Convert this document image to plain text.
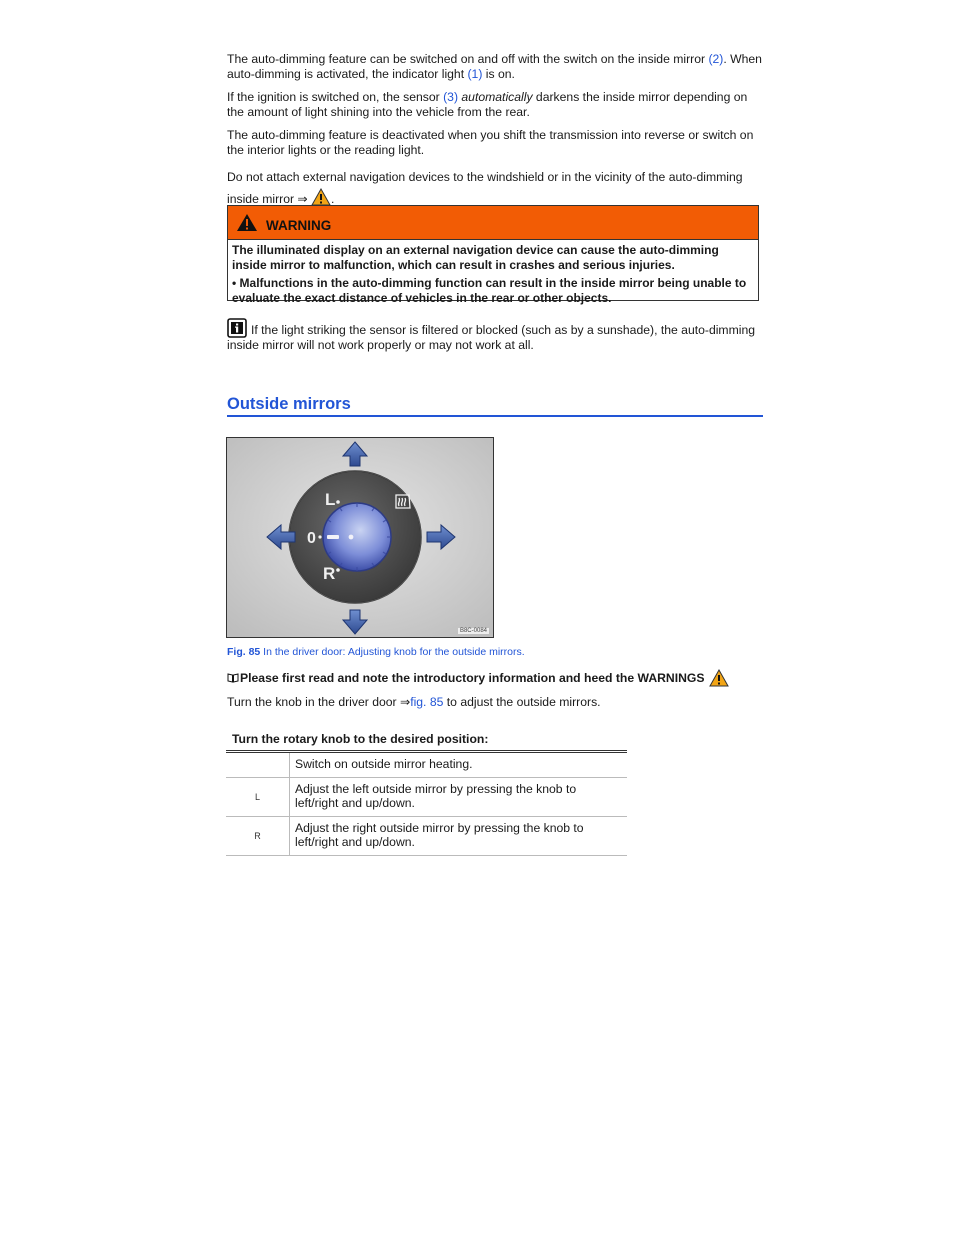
The auto-dimming feature can be switched on and off with the switch on the inside mirror (2). When auto-dimming is activated, the indicator light (1) is on.

If the ignition is switched on, the sensor (3) automatically darkens the inside mirror depending on the amount of light shining into the vehicle from the rear.

The auto-dimming feature is deactivated when you shift the transmission into reverse or switch on the interior lights or the reading light.

Do not attach external navigation devices to the windshield or in the vicinity of the auto-dimming inside mirror ⇒ .

WARNING

The illuminated display on an external navigation device can cause the auto-dimming inside mirror to malfunction, which can result in crashes and serious injuries.

• Malfunctions in the auto-dimming function can result in the inside mirror being unable to evaluate the exact distance of vehicles in the rear or other objects.

If the light striking the sensor is filtered or blocked (such as by a sunshade), the auto-dimming inside mirror will not work properly or may not work at all.
Outside mirrors
L
R
0
B8C-0084
Fig. 85 In the driver door: Adjusting knob for the outside mirrors.
Please first read and note the introductory information and heed the WARNINGS
Turn the knob in the driver door ⇒fig. 85 to adjust the outside mirrors.
Turn the rotary knob to the desired position:
	Switch on outside mirror heating.
L	Adjust the left outside mirror by pressing the knob to left/right and up/down.
R	Adjust the right outside mirror by pressing the knob to left/right and up/down.
